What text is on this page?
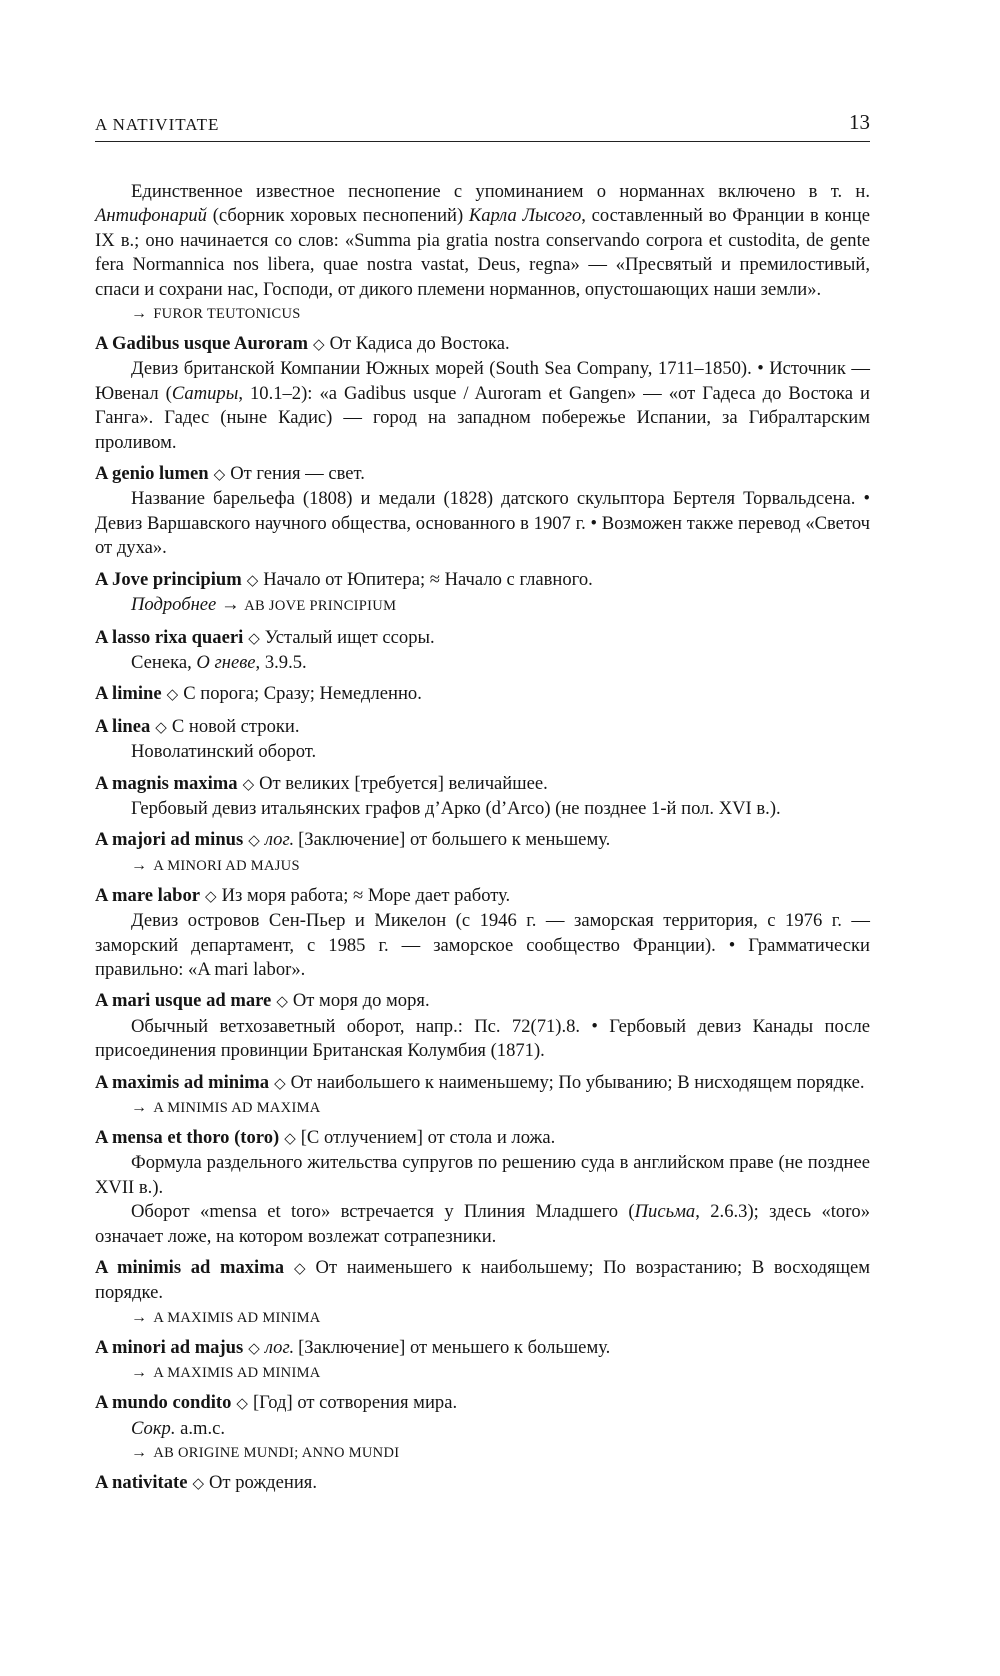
A NATIVITATE	13

Единственное известное песнопение с упоминанием о норманнах включено в т. н. Антифонарий (сборник хоровых песнопений) Карла Лысого, составленный во Франции в конце IX в.; оно начинается со слов: «Summa pia gratia nostra conservando corpora et custodita, de gente fera Normannica nos libera, quae nostra vastat, Deus, regna» — «Пресвятый и премилостивый, спаси и сохрани нас, Господи, от дикого племени норманнов, опустошающих наши земли».

→ FUROR TEUTONICUS

A Gadibus usque Auroram ◇ От Кадиса до Востока.

Девиз британской Компании Южных морей (South Sea Company, 1711–1850). • Источник — Ювенал (Сатиры, 10.1–2): «a Gadibus usque / Auroram et Gangen» — «от Гадеса до Востока и Ганга». Гадес (ныне Кадис) — город на западном побережье Испании, за Гибралтарским проливом.

A genio lumen ◇ От гения — свет.

Название барельефа (1808) и медали (1828) датского скульптора Бертеля Торвальдсена. • Девиз Варшавского научного общества, основанного в 1907 г. • Возможен также перевод «Светоч от духа».

A Jove principium ◇ Начало от Юпитера; ≈ Начало с главного.

Подробнее → AB JOVE PRINCIPIUM

A lasso rixa quaeri ◇ Усталый ищет ссоры.

Сенека, О гневе, 3.9.5.

A limine ◇ С порога; Сразу; Немедленно.

A linea ◇ С новой строки.

Новолатинский оборот.

A magnis maxima ◇ От великих [требуется] величайшее.

Гербовый девиз итальянских графов д’Арко (d’Arco) (не позднее 1-й пол. XVI в.).

A majori ad minus ◇ лог. [Заключение] от большего к меньшему.

→ A MINORI AD MAJUS

A mare labor ◇ Из моря работа; ≈ Море дает работу.

Девиз островов Сен-Пьер и Микелон (с 1946 г. — заморская территория, с 1976 г. — заморский департамент, с 1985 г. — заморское сообщество Франции). • Грамматически правильно: «A mari labor».

A mari usque ad mare ◇ От моря до моря.

Обычный ветхозаветный оборот, напр.: Пс. 72(71).8. • Гербовый девиз Канады после присоединения провинции Британская Колумбия (1871).

A maximis ad minima ◇ От наибольшего к наименьшему; По убыванию; В нисходящем порядке.

→ A MINIMIS AD MAXIMA

A mensa et thoro (toro) ◇ [С отлучением] от стола и ложа.

Формула раздельного жительства супругов по решению суда в английском праве (не позднее XVII в.).

Оборот «mensa et toro» встречается у Плиния Младшего (Письма, 2.6.3); здесь «toro» означает ложе, на котором возлежат сотрапезники.

A minimis ad maxima ◇ От наименьшего к наибольшему; По возрастанию; В восходящем порядке.

→ A MAXIMIS AD MINIMA

A minori ad majus ◇ лог. [Заключение] от меньшего к большему.

→ A MAXIMIS AD MINIMA

A mundo condito ◇ [Год] от сотворения мира.

Сокр. a.m.c.

→ AB ORIGINE MUNDI; ANNO MUNDI

A nativitate ◇ От рождения.
